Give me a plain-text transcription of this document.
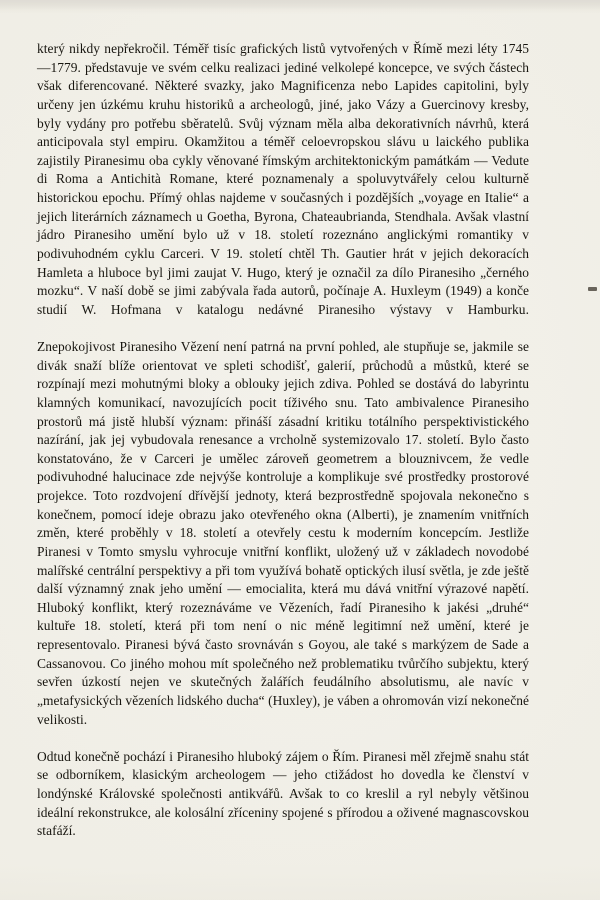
který nikdy nepřekročil. Téměř tisíc grafických listů vytvořených v Římě mezi léty 1745—1779. představuje ve svém celku realizaci jediné velkolepé koncepce, ve svých částech však diferencované. Některé svazky, jako Magnificenza nebo Lapides capitolini, byly určeny jen úzkému kruhu historiků a archeologů, jiné, jako Vázy a Guercinovy kresby, byly vydány pro potřebu sběratelů. Svůj význam měla alba dekorativních návrhů, která anticipovala styl empiru. Okamžitou a téměř celoevropskou slávu u laického publika zajistily Piranesimu oba cykly věnované římským architektonickým památkám — Vedute di Roma a Antichità Romane, které poznamenaly a spoluvytvářely celou kulturně historickou epochu. Přímý ohlas najdeme v současných i pozdějších „voyage en Italie“ a jejich literárních záznamech u Goetha, Byrona, Chateaubrianda, Stendhala. Avšak vlastní jádro Piranesiho umění bylo už v 18. století rozeznáno anglickými romantiky v podivuhodném cyklu Carceri. V 19. století chtěl Th. Gautier hrát v jejich dekoracích Hamleta a hluboce byl jimi zaujat V. Hugo, který je označil za dílo Piranesiho „černého mozku“. V naší době se jimi zabývala řada autorů, počínaje A. Huxleym (1949) a konče studií W. Hofmana v katalogu nedávné Piranesiho výstavy v Hamburku.

Znepokojivost Piranesiho Vězení není patrná na první pohled, ale stupňuje se, jakmile se divák snaží blíže orientovat ve spleti schodišť, galerií, průchodů a můstků, které se rozpínají mezi mohutnými bloky a oblouky jejich zdiva. Pohled se dostává do labyrintu klamných komunikací, navozujících pocit tíživého snu. Tato ambivalence Piranesiho prostorů má jistě hlubší význam: přináší zásadní kritiku totálního perspektivistického nazírání, jak jej vybudovala renesance a vrcholně systemizovalo 17. století. Bylo často konstatováno, že v Carceri je umělec zároveň geometrem a blouznivcem, že vedle podivuhodné halucinace zde nejvýše kontroluje a komplikuje své prostředky prostorové projekce. Toto rozdvojení dřívější jednoty, která bezprostředně spojovala nekonečno s konečnem, pomocí ideje obrazu jako otevřeného okna (Alberti), je znamením vnitřních změn, které proběhly v 18. století a otevřely cestu k moderním koncepcím. Jestliže Piranesi v Tomto smyslu vyhrocuje vnitřní konflikt, uložený už v základech novodobé malířské centrální perspektivy a při tom využívá bohatě optických ilusí světla, je zde ještě další významný znak jeho umění — emocialita, která mu dává vnitřní výrazové napětí. Hluboký konflikt, který rozeznáváme ve Vězeních, řadí Piranesiho k jakési „druhé“ kultuře 18. století, která při tom není o nic méně legitimní než umění, které je representovalo. Piranesi bývá často srovnáván s Goyou, ale také s markýzem de Sade a Cassanovou. Co jiného mohou mít společného než problematiku tvůrčího subjektu, který sevřen úzkostí nejen ve skutečných žalářích feudálního absolutismu, ale navíc v „metafysických vězeních lidského ducha“ (Huxley), je váben a ohromován vizí nekonečné velikosti.

Odtud konečně pochází i Piranesiho hluboký zájem o Řím. Piranesi měl zřejmě snahu stát se odborníkem, klasickým archeologem — jeho ctižádost ho dovedla ke členství v londýnské Královské společnosti antikvářů. Avšak to co kreslil a ryl nebyly většinou ideální rekonstrukce, ale kolosální zříceniny spojené s přírodou a oživené magnascovskou stafáží.
